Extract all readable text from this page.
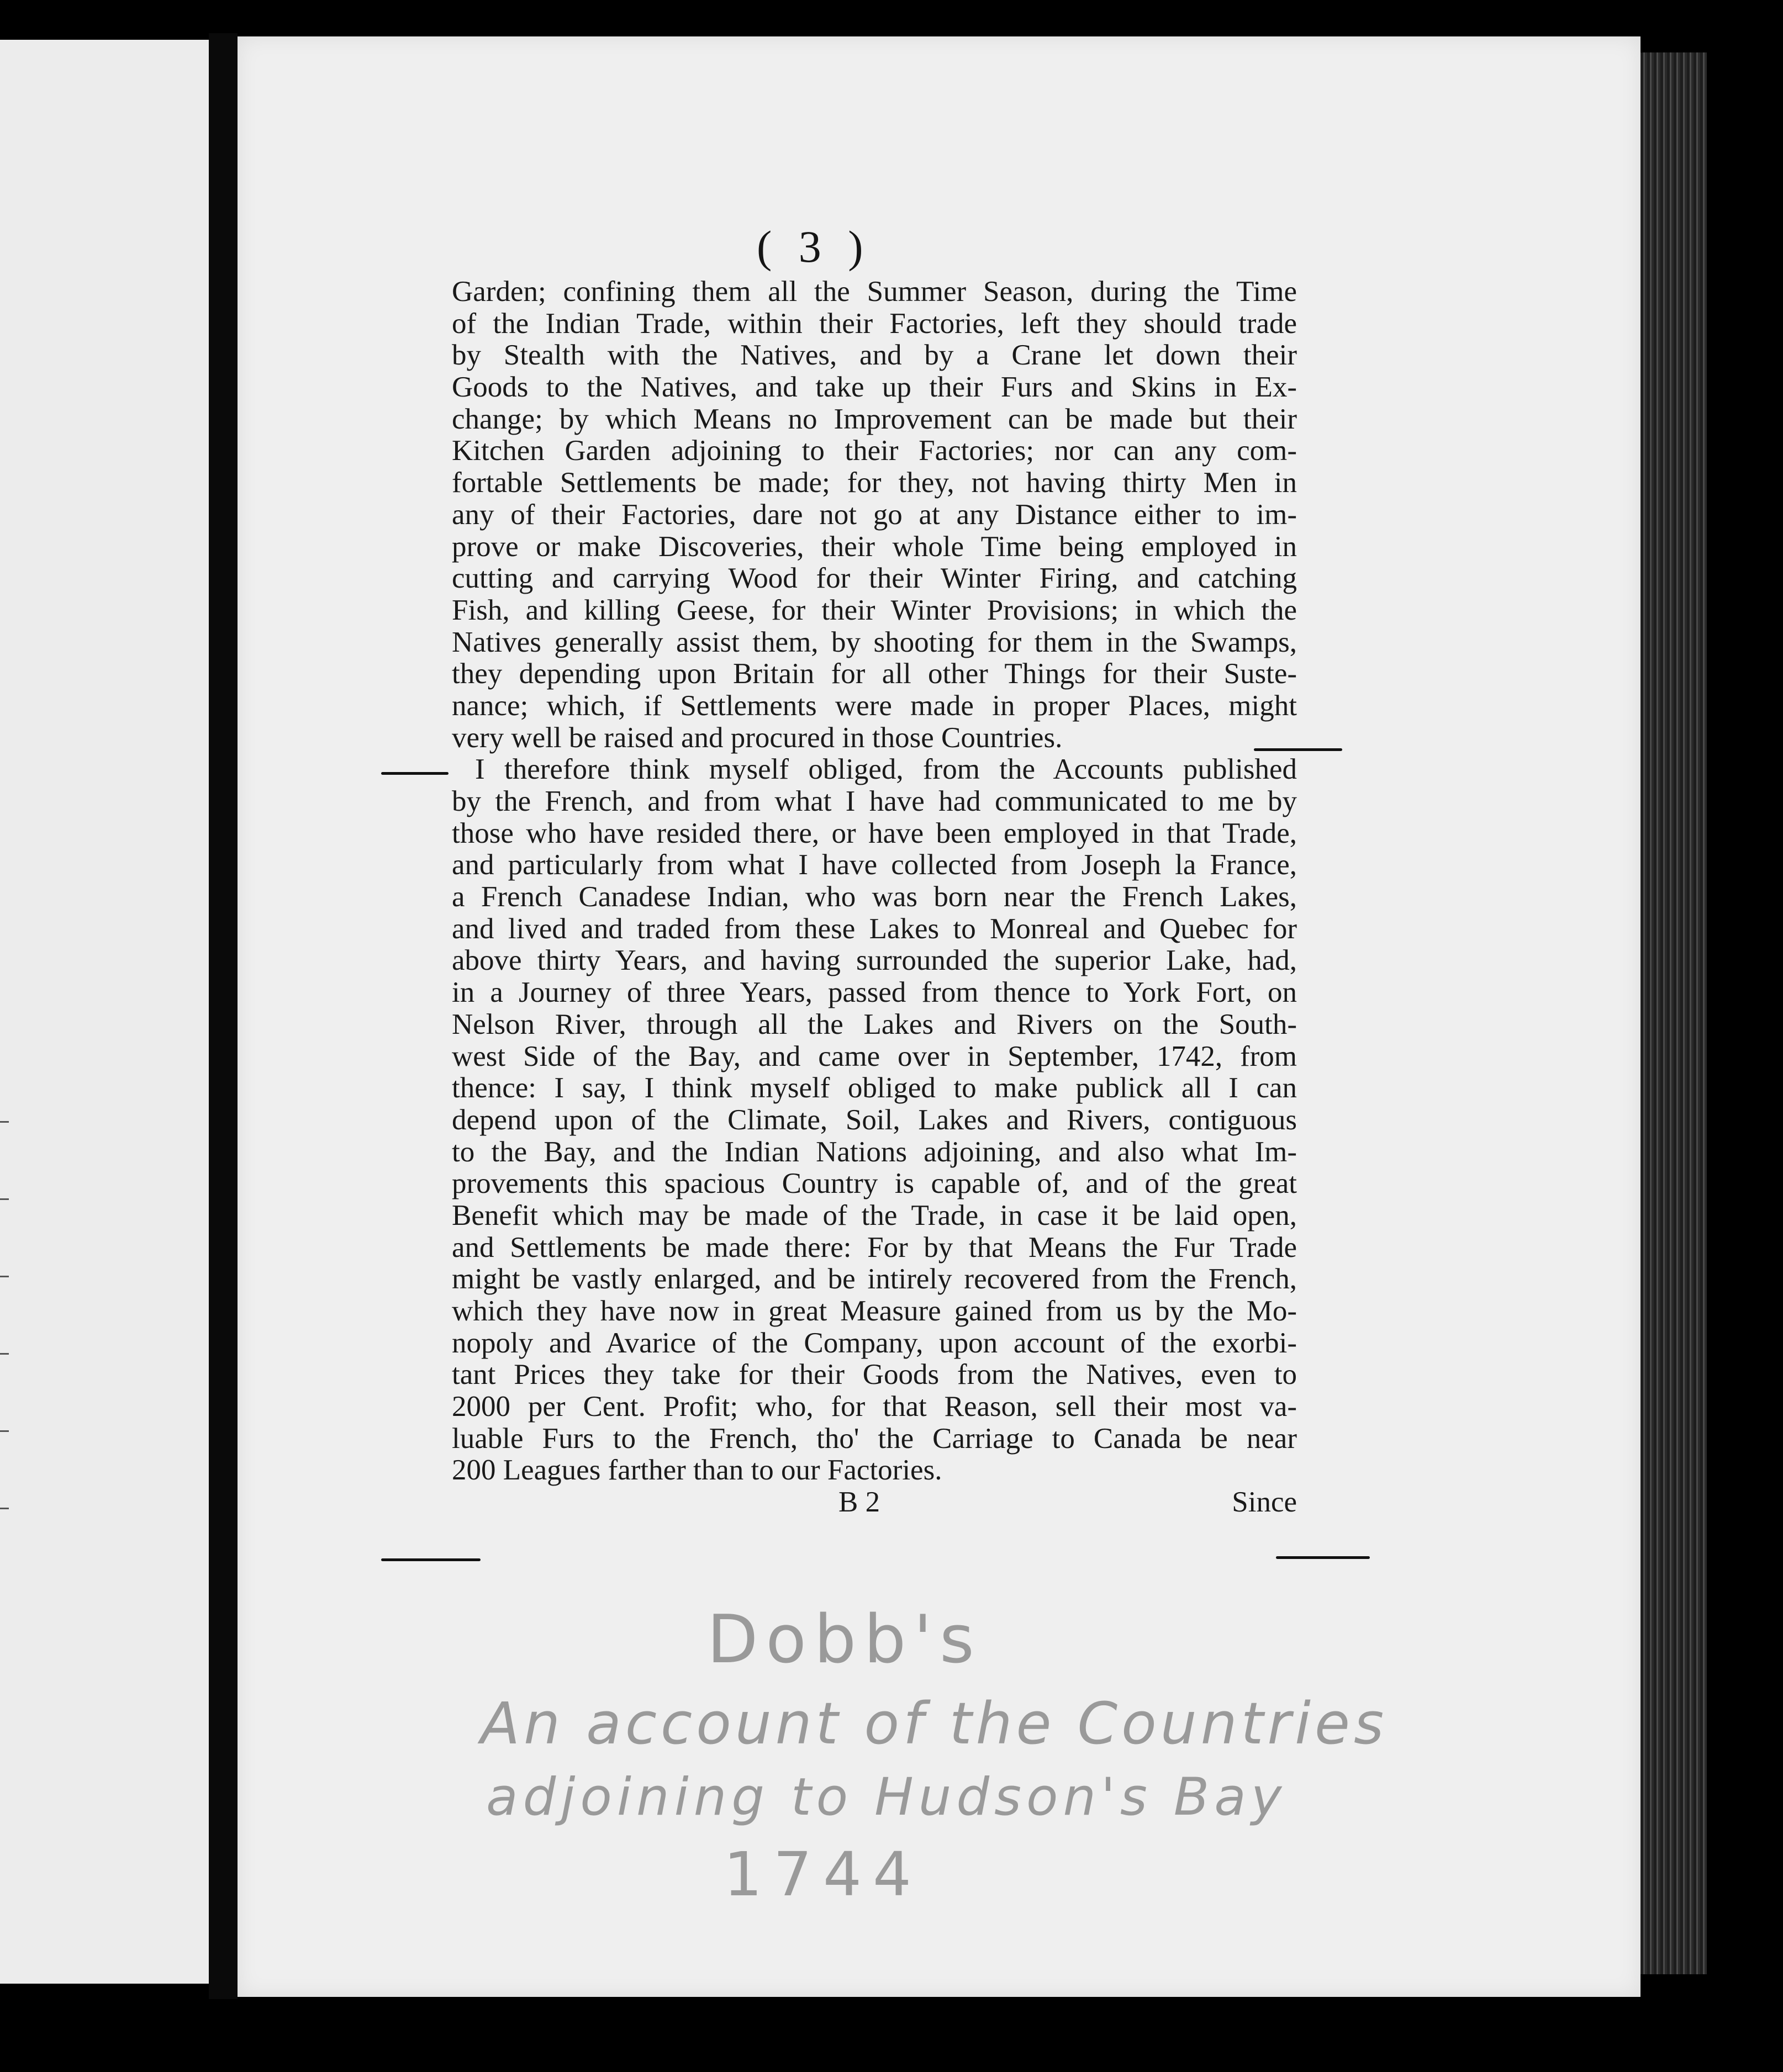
( 3 )
Garden; confining them all the Summer Season, during the Time
of the Indian Trade, within their Factories, left they should trade
by Stealth with the Natives, and by a Crane let down their
Goods to the Natives, and take up their Furs and Skins in Ex-
change; by which Means no Improvement can be made but their
Kitchen Garden adjoining to their Factories; nor can any com-
fortable Settlements be made; for they, not having thirty Men in
any of their Factories, dare not go at any Distance either to im-
prove or make Discoveries, their whole Time being employed in
cutting and carrying Wood for their Winter Firing, and catching
Fish, and killing Geese, for their Winter Provisions; in which the
Natives generally assist them, by shooting for them in the Swamps,
they depending upon Britain for all other Things for their Suste-
nance; which, if Settlements were made in proper Places, might
very well be raised and procured in those Countries.
I therefore think myself obliged, from the Accounts published
by the French, and from what I have had communicated to me by
those who have resided there, or have been employed in that Trade,
and particularly from what I have collected from Joseph la France,
a French Canadese Indian, who was born near the French Lakes,
and lived and traded from these Lakes to Monreal and Quebec for
above thirty Years, and having surrounded the superior Lake, had,
in a Journey of three Years, passed from thence to York Fort, on
Nelson River, through all the Lakes and Rivers on the South-
west Side of the Bay, and came over in September, 1742, from
thence: I say, I think myself obliged to make publick all I can
depend upon of the Climate, Soil, Lakes and Rivers, contiguous
to the Bay, and the Indian Nations adjoining, and also what Im-
provements this spacious Country is capable of, and of the great
Benefit which may be made of the Trade, in case it be laid open,
and Settlements be made there: For by that Means the Fur Trade
might be vastly enlarged, and be intirely recovered from the French,
which they have now in great Measure gained from us by the Mo-
nopoly and Avarice of the Company, upon account of the exorbi-
tant Prices they take for their Goods from the Natives, even to
2000 per Cent. Profit; who, for that Reason, sell their most va-
luable Furs to the French, tho' the Carriage to Canada be near
200 Leagues farther than to our Factories.
B 2	Since
Dobb's
An account of the Countries
adjoining to Hudson's Bay
1744
